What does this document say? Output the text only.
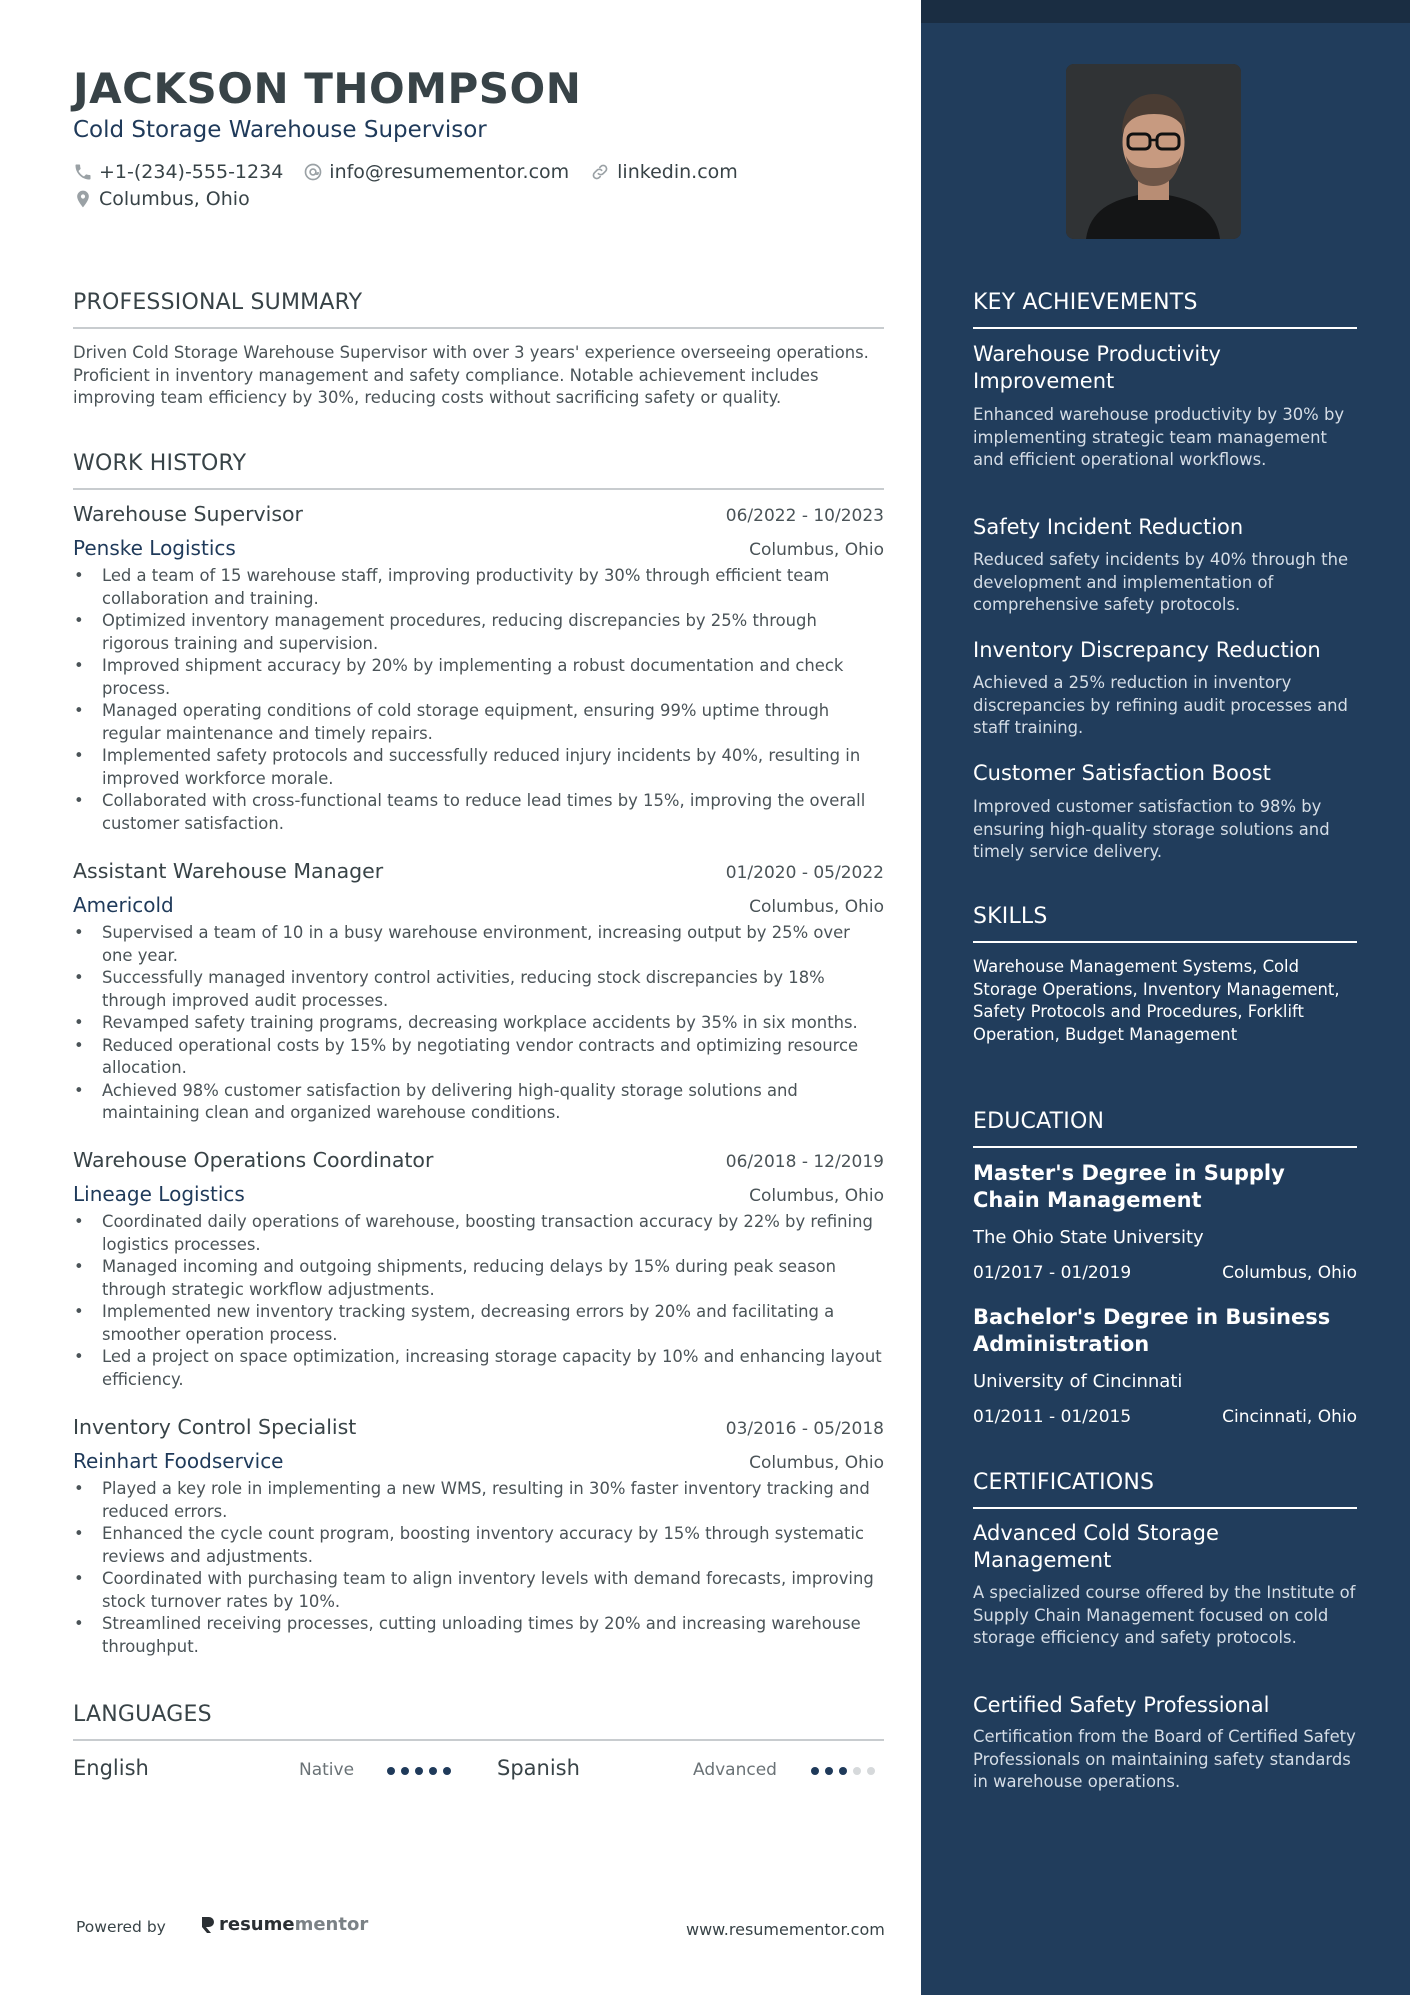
JACKSON THOMPSON
Cold Storage Warehouse Supervisor
+1-(234)-555-1234 info@resumementor.com	linkedin.com
Columbus, Ohio
PROFESSIONAL SUMMARY
Driven Cold Storage Warehouse Supervisor with over 3 years' experience overseeing operations. Proficient in inventory management and safety compliance. Notable achievement includes improving team efficiency by 30%, reducing costs without sacrificing safety or quality.
WORK HISTORY
Warehouse Supervisor	06/2022 - 10/2023
Penske Logistics	Columbus, Ohio
• Led a team of 15 warehouse staff, improving productivity by 30% through efficient team collaboration and training.
• Optimized inventory management procedures, reducing discrepancies by 25% through rigorous training and supervision.
• Improved shipment accuracy by 20% by implementing a robust documentation and check process.
• Managed operating conditions of cold storage equipment, ensuring 99% uptime through regular maintenance and timely repairs.
• Implemented safety protocols and successfully reduced injury incidents by 40%, resulting in improved workforce morale.
• Collaborated with cross-functional teams to reduce lead times by 15%, improving the overall customer satisfaction.
Assistant Warehouse Manager	01/2020 - 05/2022
Americold	Columbus, Ohio
• Supervised a team of 10 in a busy warehouse environment, increasing output by 25% over one year.
• Successfully managed inventory control activities, reducing stock discrepancies by 18% through improved audit processes.
• Revamped safety training programs, decreasing workplace accidents by 35% in six months.
• Reduced operational costs by 15% by negotiating vendor contracts and optimizing resource allocation.
• Achieved 98% customer satisfaction by delivering high-quality storage solutions and maintaining clean and organized warehouse conditions.
Warehouse Operations Coordinator	06/2018 - 12/2019
Lineage Logistics	Columbus, Ohio
• Coordinated daily operations of warehouse, boosting transaction accuracy by 22% by refining logistics processes.
• Managed incoming and outgoing shipments, reducing delays by 15% during peak season through strategic workflow adjustments.
• Implemented new inventory tracking system, decreasing errors by 20% and facilitating a smoother operation process.
• Led a project on space optimization, increasing storage capacity by 10% and enhancing layout efficiency.
Inventory Control Specialist	03/2016 - 05/2018
Reinhart Foodservice	Columbus, Ohio
• Played a key role in implementing a new WMS, resulting in 30% faster inventory tracking and reduced errors.
• Enhanced the cycle count program, boosting inventory accuracy by 15% through systematic reviews and adjustments.
• Coordinated with purchasing team to align inventory levels with demand forecasts, improving stock turnover rates by 10%.
• Streamlined receiving processes, cutting unloading times by 20% and increasing warehouse throughput.
LANGUAGES
English	Native	Spanish	Advanced
Powered by	resume mentor	www.resumementor.com
KEY ACHIEVEMENTS
Warehouse Productivity Improvement
Enhanced warehouse productivity by 30% by implementing strategic team management and efficient operational workflows.
Safety Incident Reduction
Reduced safety incidents by 40% through the development and implementation of comprehensive safety protocols.
Inventory Discrepancy Reduction
Achieved a 25% reduction in inventory discrepancies by refining audit processes and staff training.
Customer Satisfaction Boost
Improved customer satisfaction to 98% by ensuring high-quality storage solutions and timely service delivery.
SKILLS
Warehouse Management Systems, Cold Storage Operations, Inventory Management, Safety Protocols and Procedures, Forklift Operation, Budget Management
EDUCATION
Master's Degree in Supply Chain Management
The Ohio State University
01/2017 - 01/2019	Columbus, Ohio
Bachelor's Degree in Business Administration
University of Cincinnati
01/2011 - 01/2015	Cincinnati, Ohio
CERTIFICATIONS
Advanced Cold Storage Management
A specialized course offered by the Institute of Supply Chain Management focused on cold storage efficiency and safety protocols.
Certified Safety Professional
Certification from the Board of Certified Safety Professionals on maintaining safety standards in warehouse operations.
